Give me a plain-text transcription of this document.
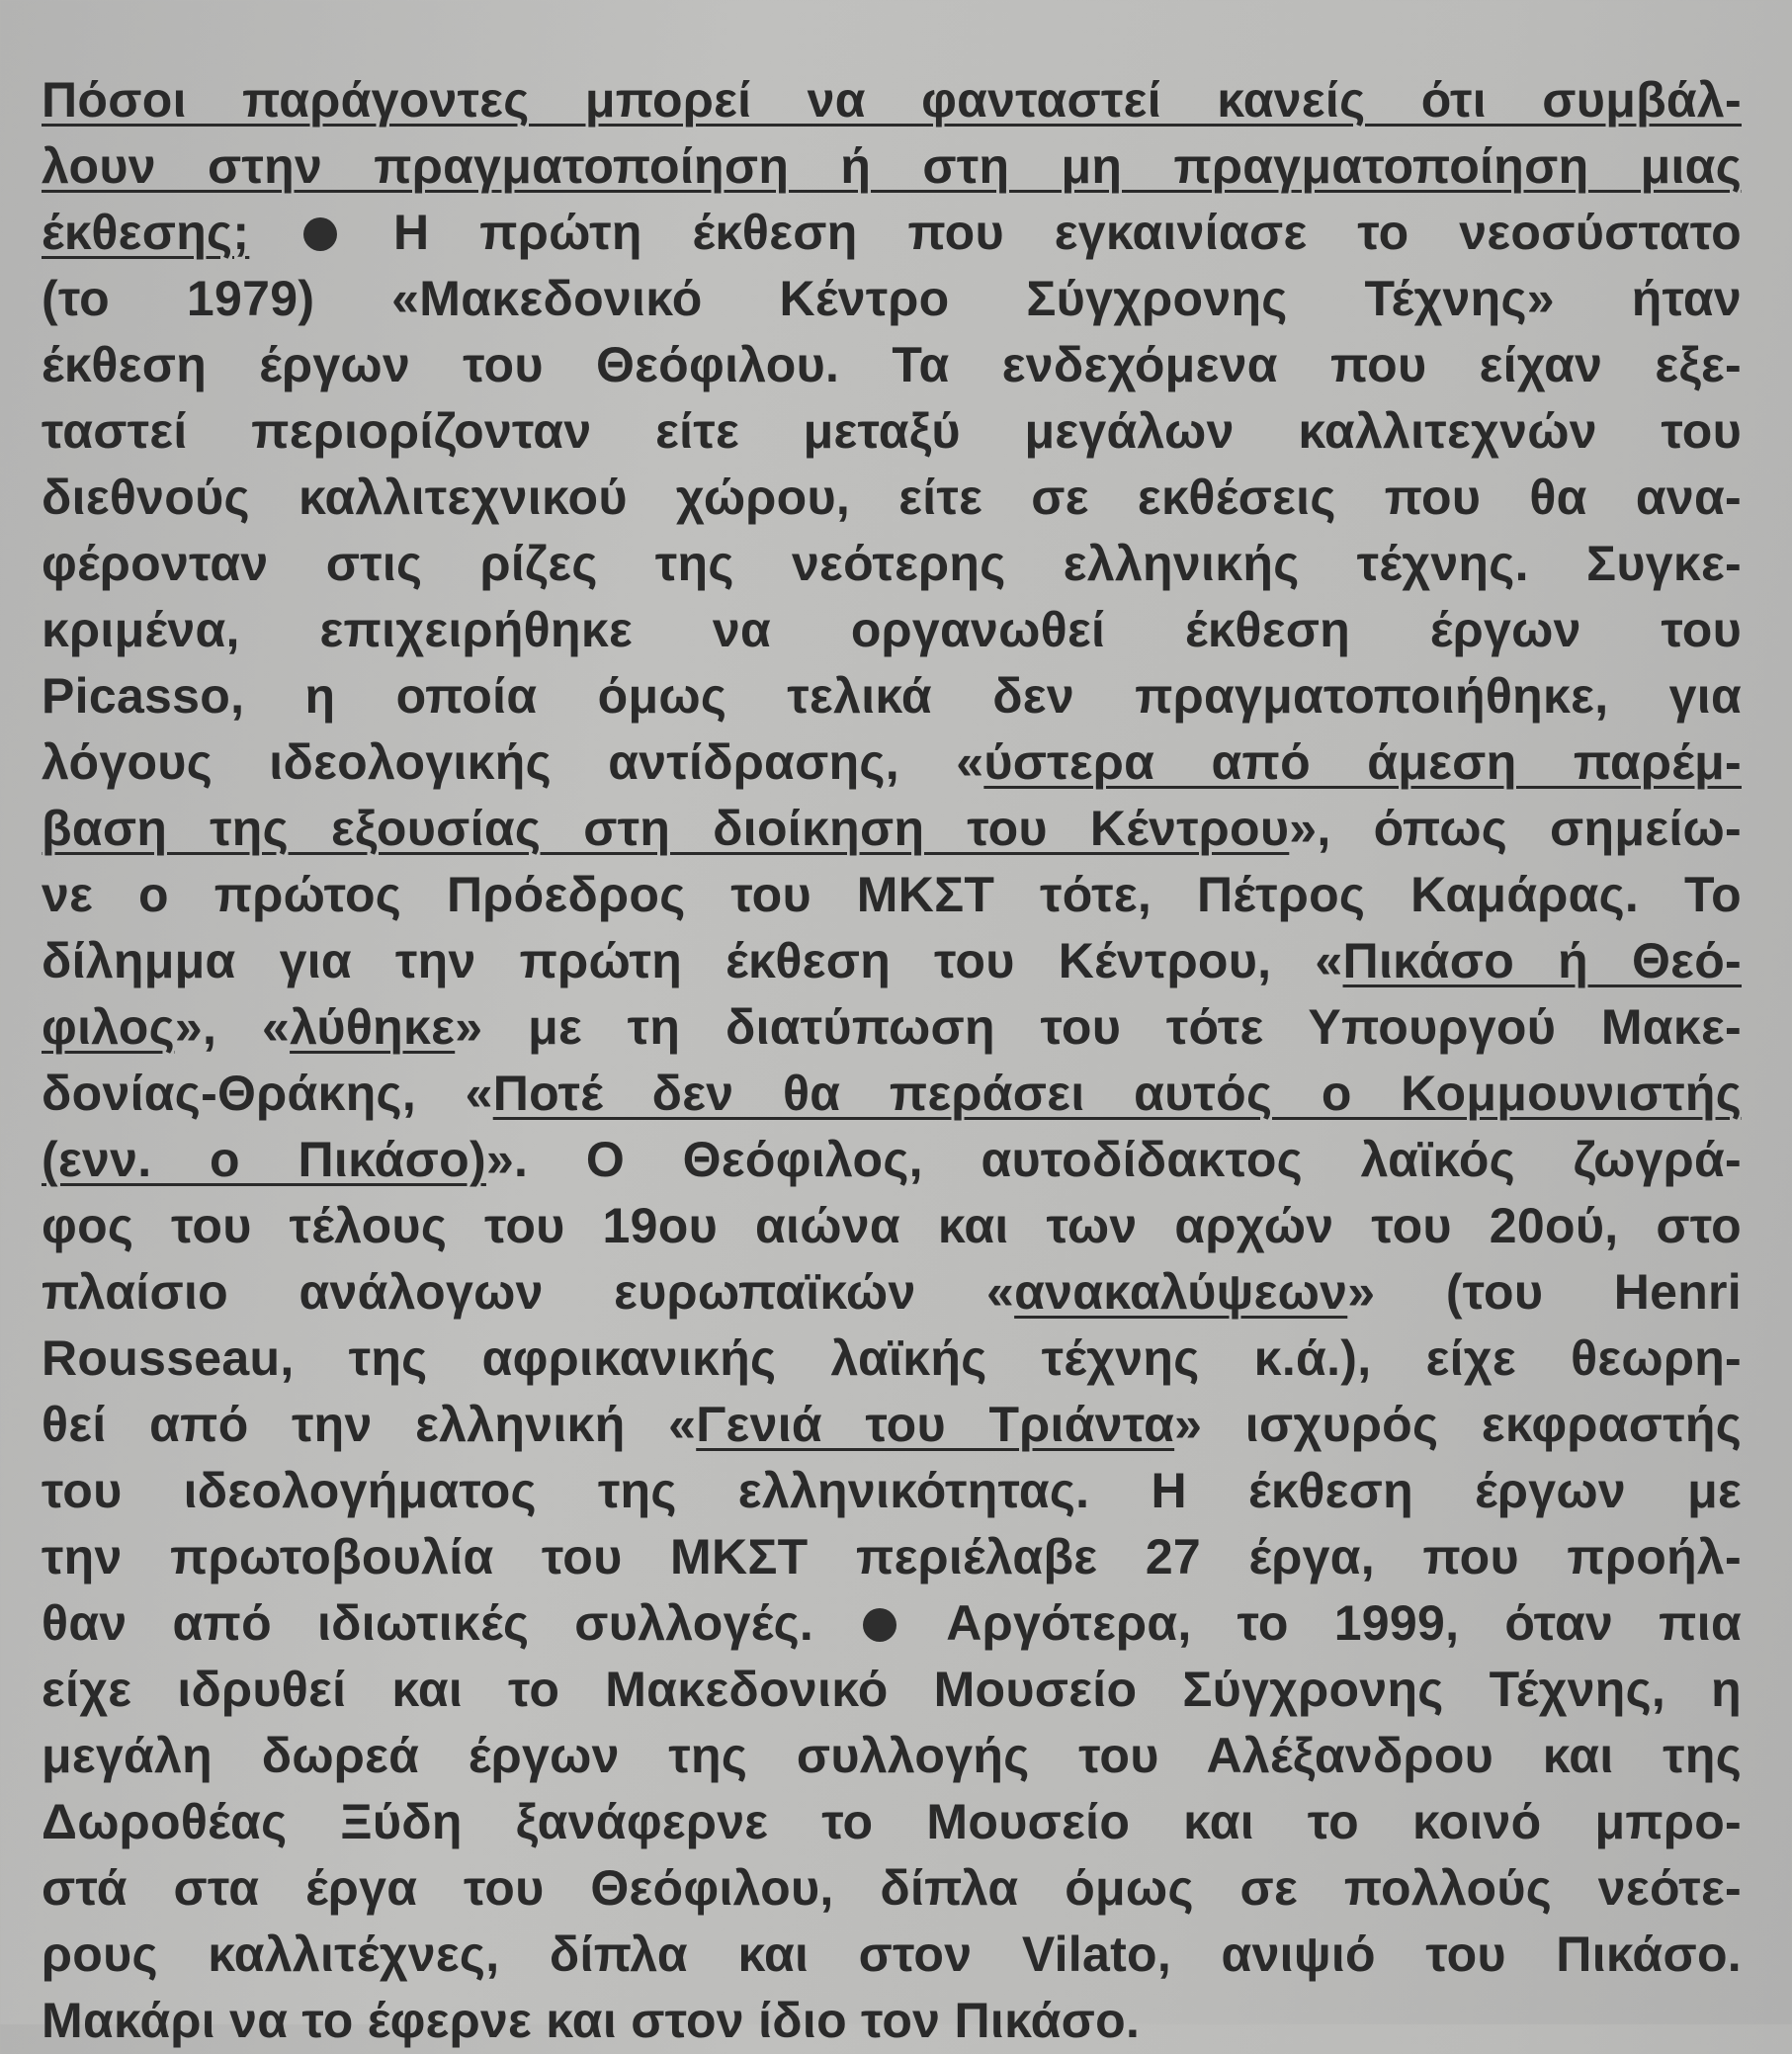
Πόσοι παράγοντες μπορεί να φανταστεί κανείς ότι συμβάλ-
λουν στην πραγματοποίηση ή στη μη πραγματοποίηση μιας
έκθεσης;	Η πρώτη έκθεση που εγκαινίασε το νεοσύστατο
(το 1979) «Μακεδονικό Κέντρο Σύγχρονης Τέχνης» ήταν
έκθεση έργων του Θεόφιλου. Τα ενδεχόμενα που είχαν εξε-
ταστεί περιορίζονταν είτε μεταξύ μεγάλων καλλιτεχνών του
διεθνούς καλλιτεχνικού χώρου, είτε σε εκθέσεις που θα ανα-
φέρονταν στις ρίζες της νεότερης ελληνικής τέχνης. Συγκε-
κριμένα, επιχειρήθηκε να οργανωθεί έκθεση έργων του
Picasso, η οποία όμως τελικά δεν πραγματοποιήθηκε, για
λόγους ιδεολογικής αντίδρασης, «ύστερα από άμεση παρέμ-
βαση της εξουσίας στη διοίκηση του Κέντρου», όπως σημείω-
νε ο πρώτος Πρόεδρος του ΜΚΣΤ τότε, Πέτρος Καμάρας. Το
δίλημμα για την πρώτη έκθεση του Κέντρου, «Πικάσο ή Θεό-
φιλος», «λύθηκε» με τη διατύπωση του τότε Υπουργού Μακε-
δονίας-Θράκης, «Ποτέ δεν θα περάσει αυτός ο Κομμουνιστής
(ενν. ο Πικάσο)». Ο Θεόφιλος, αυτοδίδακτος λαϊκός ζωγρά-
φος του τέλους του 19ου αιώνα και των αρχών του 20ού, στο
πλαίσιο ανάλογων ευρωπαϊκών «ανακαλύψεων» (του Henri
Rousseau, της αφρικανικής λαϊκής τέχνης κ.ά.), είχε θεωρη-
θεί από την ελληνική «Γενιά του Τριάντα» ισχυρός εκφραστής
του ιδεολογήματος της ελληνικότητας. Η έκθεση έργων με
την πρωτοβουλία του ΜΚΣΤ περιέλαβε 27 έργα, που προήλ-
θαν από ιδιωτικές συλλογές.	Αργότερα, το 1999, όταν πια
είχε ιδρυθεί και το Μακεδονικό Μουσείο Σύγχρονης Τέχνης, η
μεγάλη δωρεά έργων της συλλογής του Αλέξανδρου και της
Δωροθέας Ξύδη ξανάφερνε το Μουσείο και το κοινό μπρο-
στά στα έργα του Θεόφιλου, δίπλα όμως σε πολλούς νεότε-
ρους καλλιτέχνες, δίπλα και στον Vilato, ανιψιό του Πικάσο.
Μακάρι να το έφερνε και στον ίδιο τον Πικάσο.
